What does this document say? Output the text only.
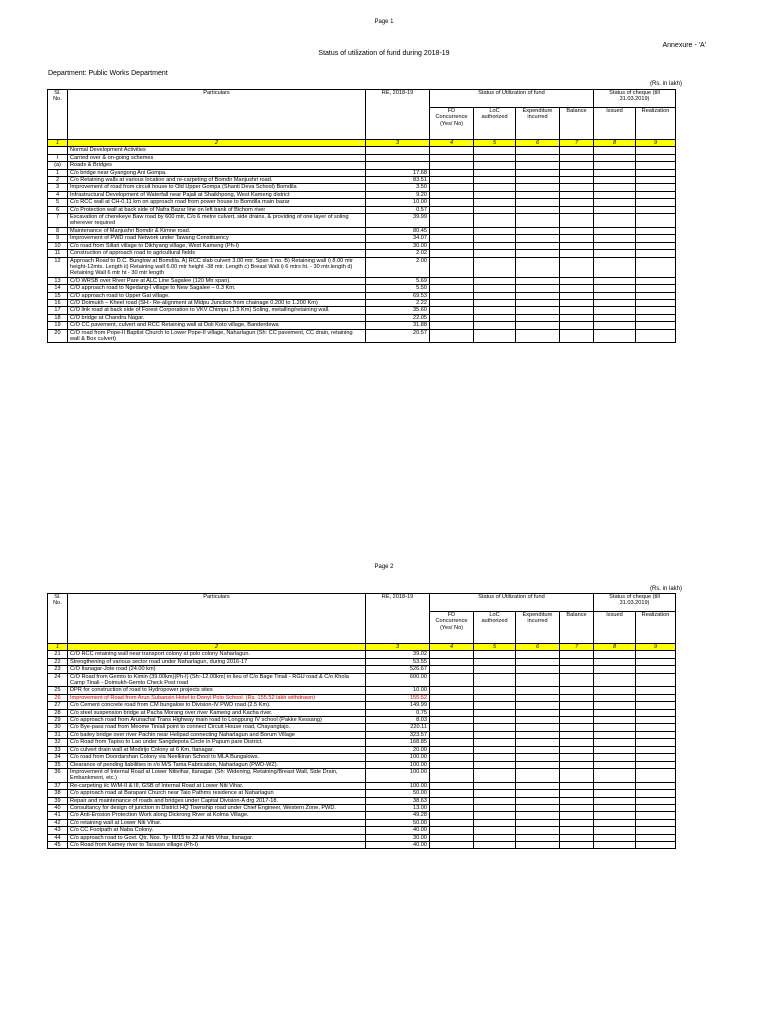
Page 1
Annexure - 'A'
Status of utilization of fund during 2018-19
Department: Public Works Department
(Rs. in lakh)
Sl. No.	Particulars	RE, 2018-19	Status of Utilization of fund				Status of cheque (till 31.03.2019)	
			FD Concurrence (Yes/ No)	LoC authorized	Expenditure incurred	Balance	Issued	Realization
1	2	3	4	5	6	7	8	9
	Normal Development Activities							
I	Carried over & on-going schemes							
(a)	Roads & Bridges							
1	C/o bridge near Gyangong Ani Gompa.	17.68						
2	C/o Retaining walls at various location and re-carpeting of Bomdir Manjushri road.	83.51						
3	Improvement of road from circuit house to Old Upper Gompa (Shanti Deva School) Bomdila	3.50						
4	Infrastructural Development of Waterfall near Pajali at Shaikhpong, West Kameng district	9.20						
5	C/o RCC wall at CH-0.11 km on approach road from power house to Bomdila main bazar	10.00						
6	C/o Protection wall at back side of Nafra Bazar line on left bank of Bichom river	0.57						
7	Excavation of cherekeye Baw road by 600 mtr, C/o 6 metre culvert, side drains, & providing of one layer of soling wherever required	39.99						
8	Maintenance of Manjushri Bomdir & Kimne road.	80.45						
9	Improvement of PWD road Network under Tawang Constituency	34.07						
10	C/o road from Sillari village to Dikhyang village, West Kameng (Ph-I)	30.00						
11	Construction of approach road to agricultural fields	2.02						
12	Approach Road to D.C. Bunglow at Bomdila. A) RCC slab culvert 3.00 mtr. Span 1 no. B) Retaining wall i) 8.00 mtr height-12mts. Length ii) Retaining wall 6.00 mtr height -38 mtr. Length c) Breast Wall i) 6 mtrs ht. - 30 mtr.length d) Retaining Wall 6 mtr ht - 30 mtr length	2.00						
13	C/O WRSB over River Pare at ALC Line Sagalee (120 Mtr span).	5.69						
14	C/O approach road to Ngedang-I village to New Sagalee – 0.3 Km.	5.50						
15	C/O approach road to Upper Gai village.	69.53						
16	C/O Doimukh – Kheel road (SH:- Re-alignment at Midpu Junction from chainage 0.200 to 1.200 Km)	2.22						
17	C/O link road at back side of Forest Corporation to VKV Chimpu (1.5 Km) Soling, metalling/retaining wall.	35.60						
18	C/O bridge at Chandra Nagar.	22.05						
19	C/O CC pavement, culvert and RCC Retaining wall at Doli Koto village, Banderdewa	31.88						
20	C/O road from Pope-II Baptist Church to Lower Pope-II village, Naharlagun (Sh: CC pavement, CC drain, retaining wall & Box culvert)	20.57						
Page 2
(Rs. in lakh)
Sl. No.	Particulars	RE, 2018-19	Status of Utilization of fund				Status of cheque (till 31.03.2019)	
			FD Concurrence (Yes/ No)	LoC authorized	Expenditure incurred	Balance	Issued	Realization
1	2	3	4	5	6	7	8	9
21	C/O RCC retaining wall near transport colony at polo colony Naharlagun.	39.02						
22	Strengthening of various sector road under Naharlagun, during 2016-17	53.55						
23	C/O Itanagar-Jote road (24.00 km)	526.67						
24	C/O Road from Gemto to Kimin (39.00km)(Ph-I) (Sh:-12.00km) in lieu of C/o Bage Tinali - RGU road & C/o Khola Camp Tinali - Doimukh-Gemto Check Post road	600.00						
25	DPR for construction of road to Hydropower projects sites	10.00						
26	Improvement of Road from Arun Subansiri Hotel to Donyi Polo School. (Rs. 155.52 lakh withdrawn)	155.52						
27	C/o Cement concrete road from CM bungalow to Division-IV PWD road (2.5 Km).	149.99						
28	C/o steel suspension bridge at Pacha Morang over river Kameng and Kacha river.	0.75						
29	C/o approach road from Arunachal Trans Highway main road to Longpung IV school (Pakke Kessang)	8.03						
30	C/o Bye-pass road from Meome Tiniali point to connect Circuit House road, Chayangtajo.	220.11						
31	C/o bailey bridge over river Pachin near Helipad connecting Naharlagun and Borum Village	323.57						
32	C/o Road from Tapiso to Lao under Sangdepota Circle in Papum pare District.	168.85						
33	C/o culvert drain wall at Modirijo Colony at 6 Km, Itanagar.	20.00						
34	C/o road from Doordarshan Colony via Neelkiran School to MLA Bungalows.	100.00						
35	Clearance of pending liabilities in r/o M/S Tama Fabrication, Naharlagun (PWD-WZ).	100.00						
36	Improvement of Internal Road at Lower Nitivihar, Itanagar. (Sh: Widening, Retaining/Breast Wall, Side Drain, Embankment, etc.)	100.00						
37	Re-carpeting i/c W/M-II & III, GSB of Internal Road at Lower Niti Vihar.	100.00						
38	C/o approach road at Barapani Church near Taio Pathms residence at Naharlagun	50.00						
39	Repair and maintenance of roads and bridges under Capital Division-A drg 2017-18.	38.63						
40	Consultancy for design of junction in District HQ Township road under Chief Engineer, Western Zone, PWD.	13.00						
41	C/o Anti-Erosion Protection Work along Dickrong River at Kolma Village.	49.28						
42	C/o retaining wall at Lower Niti Vihar.	50.00						
43	C/o CC Footpath at Naba Colony.	40.00						
44	C/o approach road to Govt. Qtr. Nos. Ty- III/15 to 22 at Niti Vihar, Itanagar.	30.00						
45	C/o Road from Kamey river to Tarasso village (Ph-I)	40.00						
